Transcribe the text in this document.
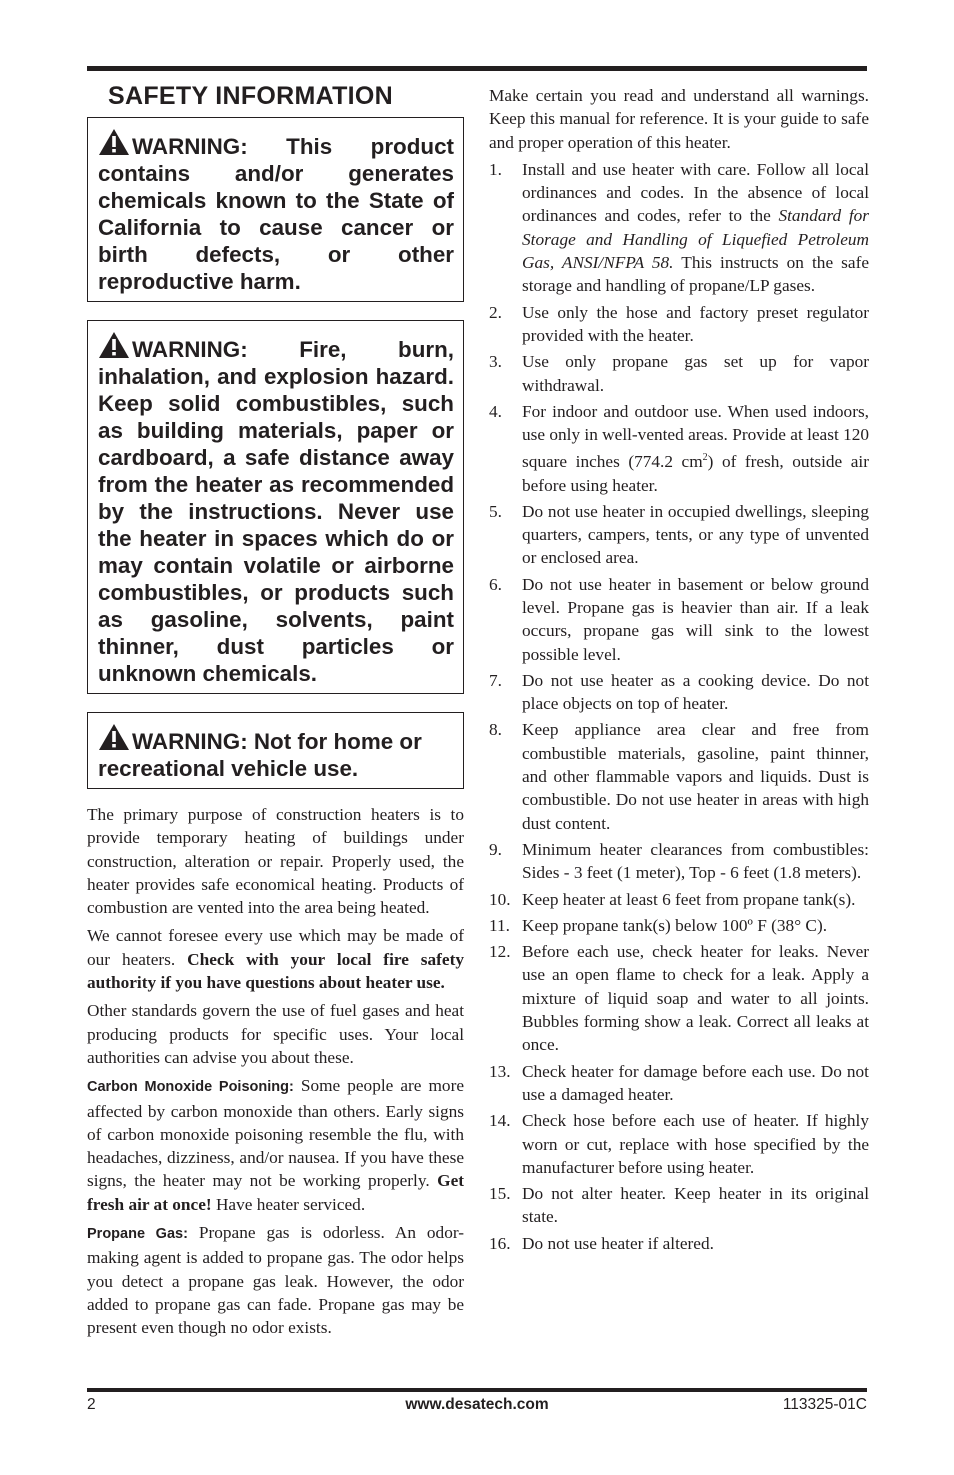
SAFETY INFORMATION
WARNING: This product contains and/or generates chemicals known to the State of California to cause cancer or birth defects, or other reproductive harm.
WARNING: Fire, burn, inhalation, and explosion hazard. Keep solid combustibles, such as building materials, paper or cardboard, a safe distance away from the heater as recommended by the instructions. Never use the heater in spaces which do or may contain volatile or airborne combustibles, or products such as gasoline, solvents, paint thinner, dust particles or unknown chemicals.
WARNING: Not for home or recreational vehicle use.

The primary purpose of construction heaters is to provide temporary heating of buildings under construction, alteration or repair. Properly used, the heater provides safe economical heating. Products of combustion are vented into the area being heated.

We cannot foresee every use which may be made of our heaters. Check with your local fire safety authority if you have questions about heater use.

Other standards govern the use of fuel gases and heat producing products for specific uses. Your local authorities can advise you about these.

Carbon Monoxide Poisoning: Some people are more affected by carbon monoxide than others. Early signs of carbon monoxide poisoning resemble the flu, with headaches, dizziness, and/or nausea. If you have these signs, the heater may not be working properly. Get fresh air at once! Have heater serviced.

Propane Gas: Propane gas is odorless. An odor-making agent is added to propane gas. The odor helps you detect a propane gas leak. However, the odor added to propane gas can fade. Propane gas may be present even though no odor exists.

Make certain you read and understand all warnings. Keep this manual for reference. It is your guide to safe and proper operation of this heater.

1. Install and use heater with care. Follow all local ordinances and codes. In the absence of local ordinances and codes, refer to the Standard for Storage and Handling of Liquefied Petroleum Gas, ANSI/NFPA 58. This instructs on the safe storage and handling of propane/LP gases.
2. Use only the hose and factory preset regulator provided with the heater.
3. Use only propane gas set up for vapor withdrawal.
4. For indoor and outdoor use. When used indoors, use only in well-vented areas. Provide at least 120 square inches (774.2 $cm^2$) of fresh, outside air before using heater.
5. Do not use heater in occupied dwellings, sleeping quarters, campers, tents, or any type of unvented or enclosed area.
6. Do not use heater in basement or below ground level. Propane gas is heavier than air. If a leak occurs, propane gas will sink to the lowest possible level.
7. Do not use heater as a cooking device. Do not place objects on top of heater.
8. Keep appliance area clear and free from combustible materials, gasoline, paint thinner, and other flammable vapors and liquids. Dust is combustible. Do not use heater in areas with high dust content.
9. Minimum heater clearances from combustibles: Sides - 3 feet (1 meter), Top - 6 feet (1.8 meters).
10. Keep heater at least 6 feet from propane tank(s).
11. Keep propane tank(s) below 100º F (38° C).
12. Before each use, check heater for leaks. Never use an open flame to check for a leak. Apply a mixture of liquid soap and water to all joints. Bubbles forming show a leak. Correct all leaks at once.
13. Check heater for damage before each use. Do not use a damaged heater.
14. Check hose before each use of heater. If highly worn or cut, replace with hose specified by the manufacturer before using heater.
15. Do not alter heater. Keep heater in its original state.
16. Do not use heater if altered.
2	www.desatech.com	113325-01C
